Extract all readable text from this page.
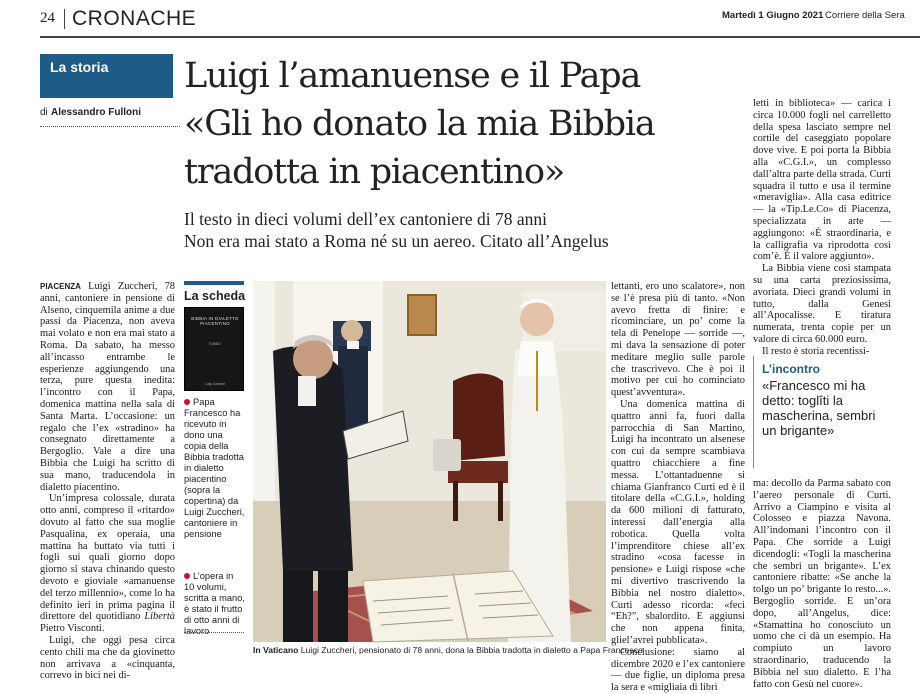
24 CRONACHE	Martedì 1 Giugno 2021 Corriere della Sera
La storia
di Alessandro Fulloni
Luigi l’amanuense e il Papa
«Gli ho donato la mia Bibbia
tradotta in piacentino»
Il testo in dieci volumi dell’ex cantoniere di 78 anni
Non era mai stato a Roma né su un aereo. Citato all’Angelus

PIACENZA Luigi Zuccheri, 78 anni, cantoniere in pensione di Alseno, cinquemila anime a due passi da Piacenza, non aveva mai volato e non era mai stato a Roma. Da sabato, ha messo all’incasso entrambe le esperienze aggiungendo una terza, pure questa inedita: l’incontro con il Papa, domenica mattina nella sala di Santa Marta. L’occasione: un regalo che l’ex «stradino» ha consegnato direttamente a Bergoglio. Vale a dire una Bibbia che Luigi ha scritto di sua mano, traducendola in dialetto piacentino.

Un’impresa colossale, durata otto anni, compreso il «ritardo» dovuto al fatto che sua moglie Pasqualina, ex operaia, una mattina ha buttato via tutti i fogli sui quali giorno dopo giorno si stava chinando questo devoto e gioviale «amanuense del terzo millennio», come lo ha definito ieri in prima pagina il direttore del quotidiano Libertà Pietro Visconti.

Luigi, che oggi pesa circa cento chili ma che da giovinetto non arrivava a «cinquanta, correvo in bici nei di-

La scheda
BIBBIA IN DIALETTO PIACENTINO
TOMO I
Luigi Zuccheri
Papa Francesco ha ricevuto in dono una copia della Bibbia tradotta in dialetto piacentino (sopra la copertina) da Luigi Zuccheri, cantoniere in pensione
L’opera in 10 volumi, scritta a mano, è stato il frutto di otto anni di lavoro
In Vaticano Luigi Zuccheri, pensionato di 78 anni, dona la Bibbia tradotta in dialetto a Papa Francesco

lettanti, ero uno scalatore», non se l’è presa più di tanto. «Non avevo fretta di finire: e ricominciare, un po’ come la tela di Penelope — sorride —, mi dava la sensazione di poter meditare meglio sulle parole che trascrivevo. Che è poi il motivo per cui ho cominciato quest’avventura».

Una domenica mattina di quattro anni fa, fuori dalla parrocchia di San Martino, Luigi ha incontrato un alsenese con cui da sempre scambiava quattro chiacchiere a fine messa. L’ottantaduenne si chiama Gianfranco Curti ed è il titolare della «C.G.I.», holding da 600 milioni di fatturato, interessi dall’energia alla robotica. Quella volta l’imprenditore chiese all’ex stradino «cosa facesse in pensione» e Luigi rispose «che mi divertivo trascrivendo la Bibbia nel nostro dialetto». Curti adesso ricorda: «feci “Eh?”, sbalordito. E aggiunsi che non appena finita, gliel’avrei pubblicata».

Conclusione: siamo al dicembre 2020 e l’ex cantoniere — due figlie, un diploma presa la sera e «migliaia di libri

letti in biblioteca» — carica i circa 10.000 fogli nel carrelletto della spesa lasciato sempre nel cortile del caseggiato popolare dove vive. E poi porta la Bibbia alla «C.G.I.», un complesso dall’altra parte della strada. Curti squadra il tutto e usa il termine «meraviglia». Alla casa editrice — la «Tip.Le.Co» di Piacenza, specializzata in arte — aggiungono: «È straordinaria, e la calligrafia va riprodotta così com’è. È il valore aggiunto».

La Bibbia viene così stampata su una carta preziosissima, avoriata. Dieci grandi volumi in tutto, dalla Genesi all’Apocalisse. E tiratura numerata, trenta copie per un valore di circa 60.000 euro.

Il resto è storia recentissi-

L’incontro
«Francesco mi ha detto: toglîti la mascherina, sembri un brigante»

ma: decollo da Parma sabato con l’aereo personale di Curti. Arrivo a Ciampino e visita al Colosseo e piazza Navona. All’indomani l’incontro con il Papa. Che sorride a Luigi dicendogli: «Togli la mascherina che sembri un brigante». L’ex cantoniere ribatte: «Se anche la tolgo un po’ brigante lo resto...». Bergoglio sorride. E un’ora dopo, all’Angelus, dice: «Stamattina ho conosciuto un uomo che ci dà un esempio. Ha compiuto un lavoro straordinario, traducendo la Bibbia nel suo dialetto. E l’ha fatto con Gesù nel cuore».
